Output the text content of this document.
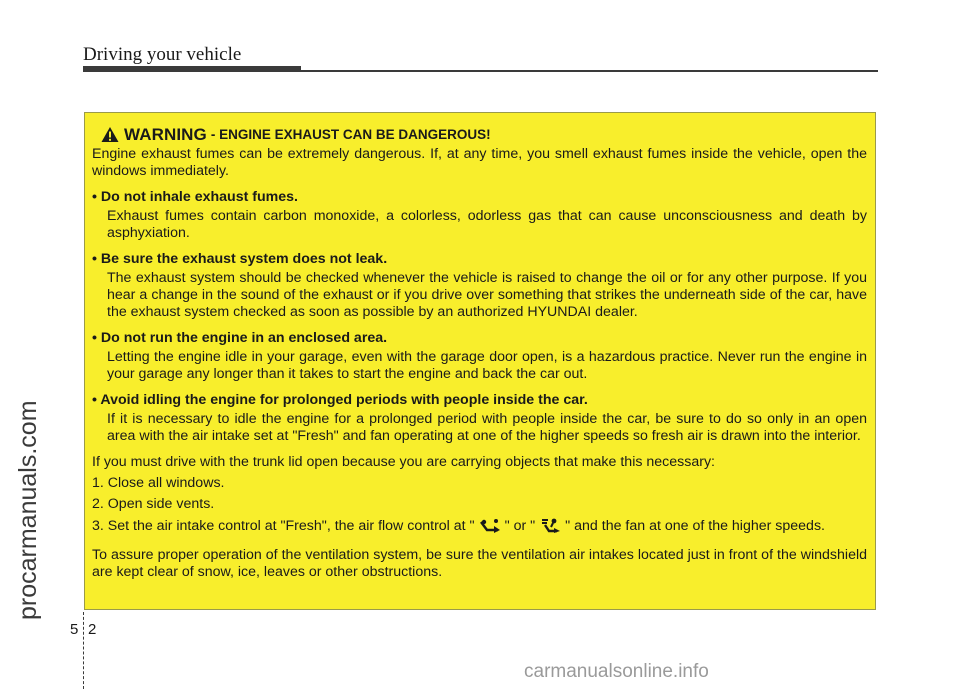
Driving your vehicle
procarmanuals.com
WARNING - ENGINE EXHAUST CAN BE DANGEROUS!

Engine exhaust fumes can be extremely dangerous. If, at any time, you smell exhaust fumes inside the vehicle, open the windows immediately.

• Do not inhale exhaust fumes.

Exhaust fumes contain carbon monoxide, a colorless, odorless gas that can cause unconsciousness and death by asphyxiation.

• Be sure the exhaust system does not leak.

The exhaust system should be checked whenever the vehicle is raised to change the oil or for any other purpose. If you hear a change in the sound of the exhaust or if you drive over something that strikes the underneath side of the car, have the exhaust system checked as soon as possible by an authorized HYUNDAI dealer.

• Do not run the engine in an enclosed area.

Letting the engine idle in your garage, even with the garage door open, is a hazardous practice. Never run the engine in your garage any longer than it takes to start the engine and back the car out.

• Avoid idling the engine for prolonged periods with people inside the car.

If it is necessary to idle the engine for a prolonged period with people inside the car, be sure to do so only in an open area with the air intake set at "Fresh" and fan operating at one of the higher speeds so fresh air is drawn into the interior.

If you must drive with the trunk lid open because you are carrying objects that make this necessary:

1. Close all windows.

2. Open side vents.

3. Set the air intake control at "Fresh", the air flow control at " " or " " and the fan at one of the higher speeds.

To assure proper operation of the ventilation system, be sure the ventilation air intakes located just in front of the windshield are kept clear of snow, ice, leaves or other obstructions.

5 2
carmanualsonline.info
